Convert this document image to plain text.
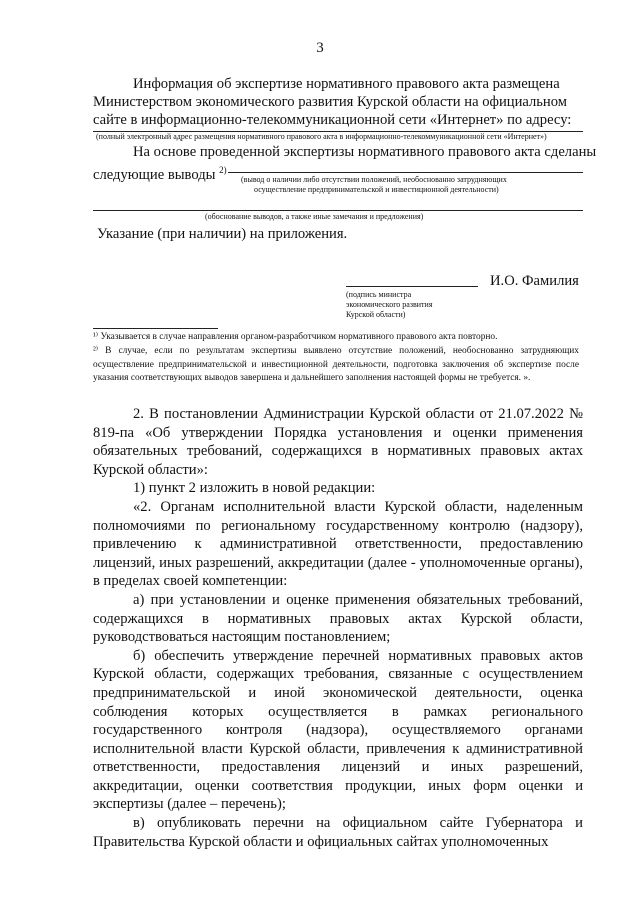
3
Информация об экспертизе нормативного правового акта размещена
Министерством экономического развития Курской области на официальном
сайте в информационно-телекоммуникационной сети «Интернет» по адресу:
(полный электронный адрес размещения нормативного правового акта в информационно-телекоммуникационной сети «Интернет»)
На основе проведенной экспертизы нормативного правового акта сделаны
следующие выводы $^{2)}$
(вывод о наличии либо отсутствии положений, необоснованно затрудняющих
осуществление предпринимательской и инвестиционной деятельности)
(обоснование выводов, а также иные замечания и предложения)
Указание (при наличии) на приложения.
И.О. Фамилия
(подпись министра
экономического развития
Курской области)
¹⁾ Указывается в случае направления органом-разработчиком нормативного правового акта повторно.
²⁾ В случае, если по результатам экспертизы выявлено отсутствие положений, необоснованно затрудняющих осуществление предпринимательской и инвестиционной деятельности, подготовка заключения об экспертизе после указания соответствующих выводов завершена и дальнейшего заполнения настоящей формы не требуется. ».

2. В постановлении Администрации Курской области от 21.07.2022 № 819-па «Об утверждении Порядка установления и оценки применения обязательных требований, содержащихся в нормативных правовых актах Курской области»:

1) пункт 2 изложить в новой редакции:

«2. Органам исполнительной власти Курской области, наделенным полномочиями по региональному государственному контролю (надзору), привлечению к административной ответственности, предоставлению лицензий, иных разрешений, аккредитации (далее - уполномоченные органы), в пределах своей компетенции:

а) при установлении и оценке применения обязательных требований, содержащихся в нормативных правовых актах Курской области, руководствоваться настоящим постановлением;

б) обеспечить утверждение перечней нормативных правовых актов Курской области, содержащих требования, связанные с осуществлением предпринимательской и иной экономической деятельности, оценка соблюдения которых осуществляется в рамках регионального государственного контроля (надзора), осуществляемого органами исполнительной власти Курской области, привлечения к административной ответственности, предоставления лицензий и иных разрешений, аккредитации, оценки соответствия продукции, иных форм оценки и экспертизы (далее – перечень);

в) опубликовать перечни на официальном сайте Губернатора и Правительства Курской области и официальных сайтах уполномоченных
